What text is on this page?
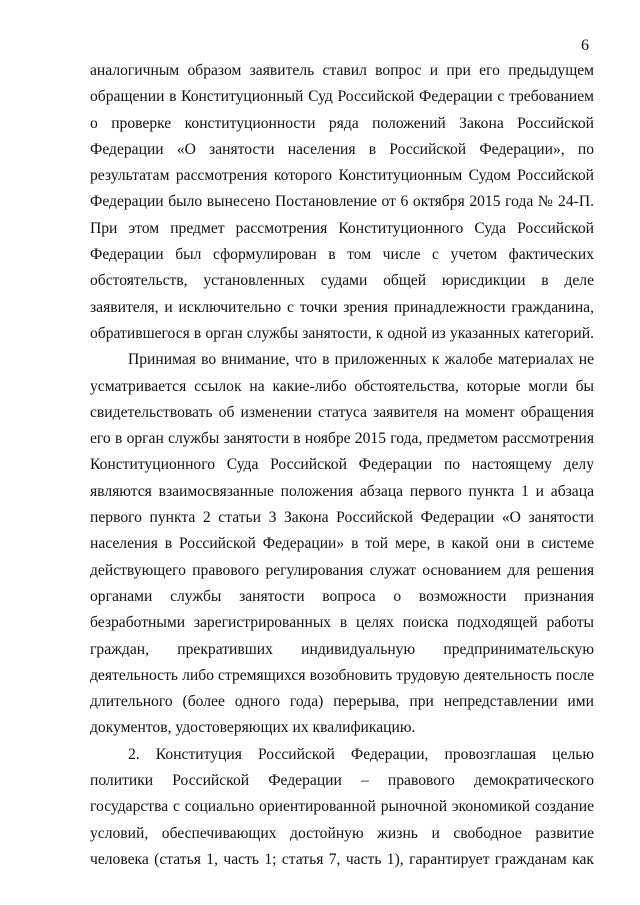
6
аналогичным образом заявитель ставил вопрос и при его предыдущем
обращении в Конституционный Суд Российской Федерации с требованием
о проверке конституционности ряда положений Закона Российской
Федерации «О занятости населения в Российской Федерации», по
результатам рассмотрения которого Конституционным Судом Российской
Федерации было вынесено Постановление от 6 октября 2015 года № 24-П.
При этом предмет рассмотрения Конституционного Суда Российской
Федерации был сформулирован в том числе с учетом фактических
обстоятельств, установленных судами общей юрисдикции в деле
заявителя, и исключительно с точки зрения принадлежности гражданина,
обратившегося в орган службы занятости, к одной из указанных категорий.
Принимая во внимание, что в приложенных к жалобе материалах не
усматривается ссылок на какие-либо обстоятельства, которые могли бы
свидетельствовать об изменении статуса заявителя на момент обращения
его в орган службы занятости в ноябре 2015 года, предметом рассмотрения
Конституционного Суда Российской Федерации по настоящему делу
являются взаимосвязанные положения абзаца первого пункта 1 и абзаца
первого пункта 2 статьи 3 Закона Российской Федерации «О занятости
населения в Российской Федерации» в той мере, в какой они в системе
действующего правового регулирования служат основанием для решения
органами службы занятости вопроса о возможности признания
безработными зарегистрированных в целях поиска подходящей работы
граждан, прекративших индивидуальную предпринимательскую
деятельность либо стремящихся возобновить трудовую деятельность после
длительного (более одного года) перерыва, при непредставлении ими
документов, удостоверяющих их квалификацию.
2. Конституция Российской Федерации, провозглашая целью
политики Российской Федерации – правового демократического
государства с социально ориентированной рыночной экономикой создание
условий, обеспечивающих достойную жизнь и свободное развитие
человека (статья 1, часть 1; статья 7, часть 1), гарантирует гражданам как
